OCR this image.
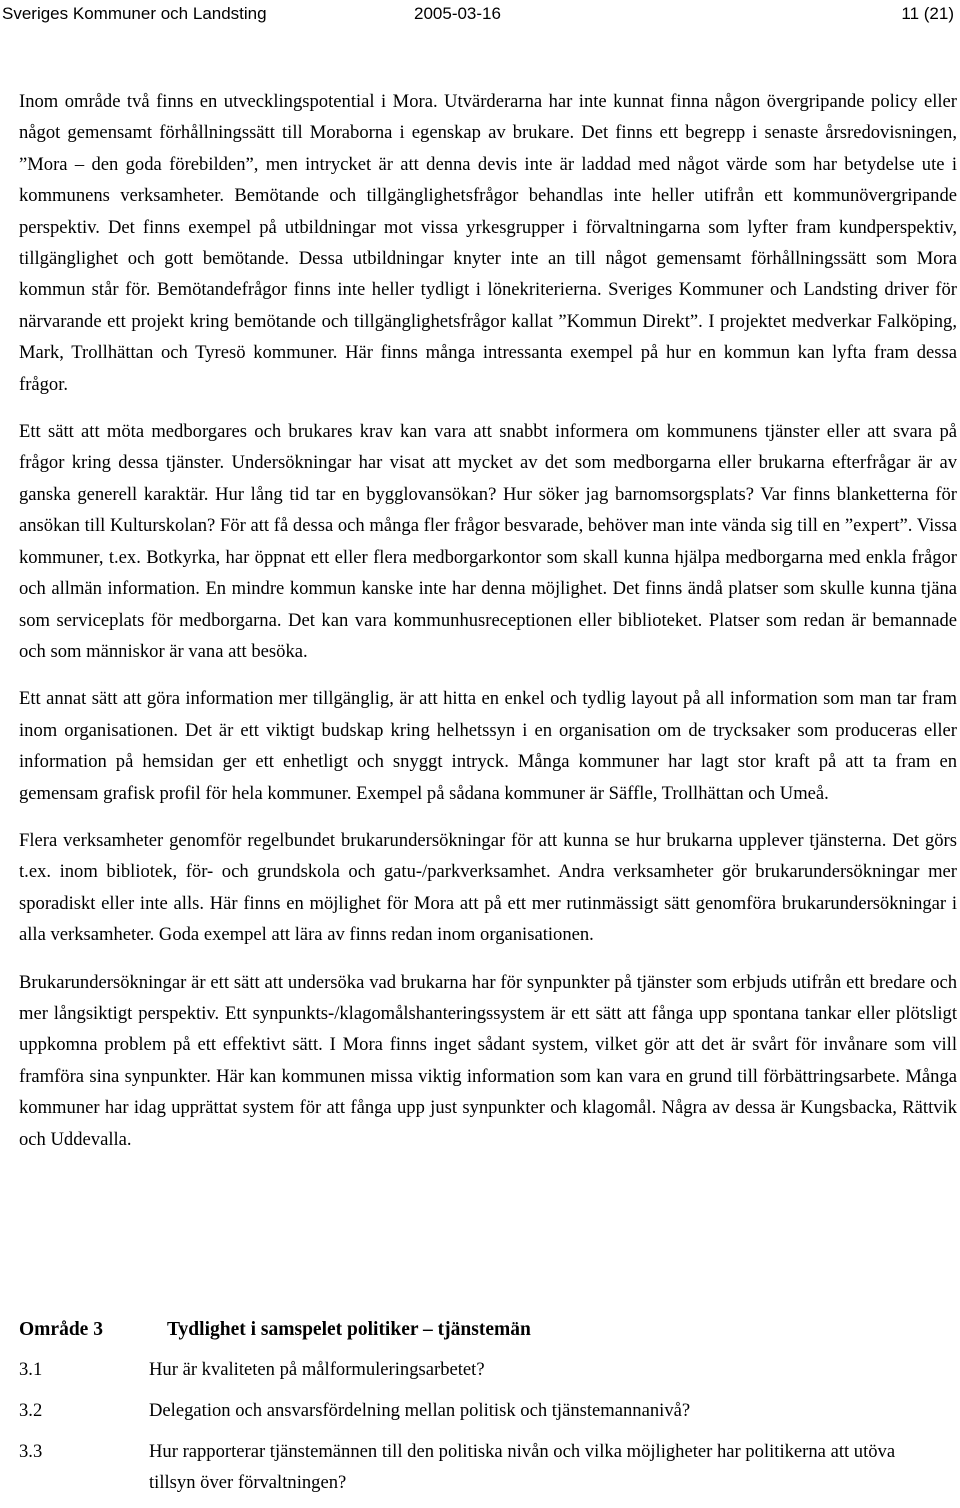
Sveriges Kommuner och Landsting	2005-03-16	11 (21)

Inom område två finns en utvecklingspotential i Mora. Utvärderarna har inte kunnat finna någon övergripande policy eller något gemensamt förhållningssätt till Moraborna i egenskap av brukare. Det finns ett begrepp i senaste årsredovisningen, ”Mora – den goda förebilden”, men intrycket är att denna devis inte är laddad med något värde som har betydelse ute i kommunens verksamheter. Bemötande och tillgänglighetsfrågor behandlas inte heller utifrån ett kommunövergripande perspektiv. Det finns exempel på utbildningar mot vissa yrkesgrupper i förvaltningarna som lyfter fram kundperspektiv, tillgänglighet och gott bemötande. Dessa utbildningar knyter inte an till något gemensamt förhållningssätt som Mora kommun står för. Bemötandefrågor finns inte heller tydligt i lönekriterierna. Sveriges Kommuner och Landsting driver för närvarande ett projekt kring bemötande och tillgänglighetsfrågor kallat ”Kommun Direkt”. I projektet medverkar Falköping, Mark, Trollhättan och Tyresö kommuner. Här finns många intressanta exempel på hur en kommun kan lyfta fram dessa frågor.

Ett sätt att möta medborgares och brukares krav kan vara att snabbt informera om kommunens tjänster eller att svara på frågor kring dessa tjänster. Undersökningar har visat att mycket av det som medborgarna eller brukarna efterfrågar är av ganska generell karaktär. Hur lång tid tar en bygglovansökan? Hur söker jag barnomsorgsplats? Var finns blanketterna för ansökan till Kulturskolan? För att få dessa och många fler frågor besvarade, behöver man inte vända sig till en ”expert”. Vissa kommuner, t.ex. Botkyrka, har öppnat ett eller flera medborgarkontor som skall kunna hjälpa medborgarna med enkla frågor och allmän information. En mindre kommun kanske inte har denna möjlighet. Det finns ändå platser som skulle kunna tjäna som serviceplats för medborgarna. Det kan vara kommunhusreceptionen eller biblioteket. Platser som redan är bemannade och som människor är vana att besöka.

Ett annat sätt att göra information mer tillgänglig, är att hitta en enkel och tydlig layout på all information som man tar fram inom organisationen. Det är ett viktigt budskap kring helhetssyn i en organisation om de trycksaker som produceras eller information på hemsidan ger ett enhetligt och snyggt intryck. Många kommuner har lagt stor kraft på att ta fram en gemensam grafisk profil för hela kommuner. Exempel på sådana kommuner är Säffle, Trollhättan och Umeå.

Flera verksamheter genomför regelbundet brukarundersökningar för att kunna se hur brukarna upplever tjänsterna. Det görs t.ex. inom bibliotek, för- och grundskola och gatu-/parkverksamhet. Andra verksamheter gör brukarundersökningar mer sporadiskt eller inte alls. Här finns en möjlighet för Mora att på ett mer rutinmässigt sätt genomföra brukarundersökningar i alla verksamheter. Goda exempel att lära av finns redan inom organisationen.

Brukarundersökningar är ett sätt att undersöka vad brukarna har för synpunkter på tjänster som erbjuds utifrån ett bredare och mer långsiktigt perspektiv. Ett synpunkts-/klagomålshanteringssystem är ett sätt att fånga upp spontana tankar eller plötsligt uppkomna problem på ett effektivt sätt. I Mora finns inget sådant system, vilket gör att det är svårt för invånare som vill framföra sina synpunkter. Här kan kommunen missa viktig information som kan vara en grund till förbättringsarbete. Många kommuner har idag upprättat system för att fånga upp just synpunkter och klagomål. Några av dessa är Kungsbacka, Rättvik och Uddevalla.

Område 3	Tydlighet i samspelet politiker – tjänstemän
3.1	Hur är kvaliteten på målformuleringsarbetet?
3.2	Delegation och ansvarsfördelning mellan politisk och tjänstemannanivå?
3.3	Hur rapporterar tjänstemännen till den politiska nivån och vilka möjligheter har politikerna att utöva tillsyn över förvaltningen?
